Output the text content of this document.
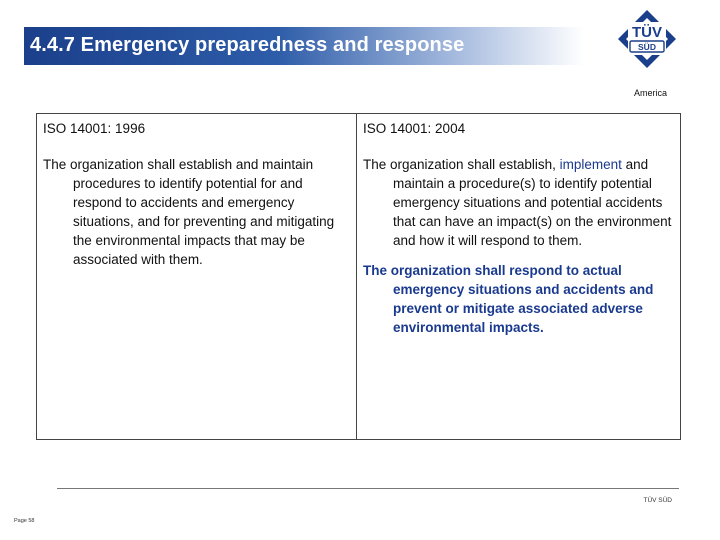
4.4.7 Emergency preparedness and response
TÜV
SÜD
America
ISO 14001: 1996

The organization shall establish and maintain procedures to identify potential for and respond to accidents and emergency situations, and for preventing and mitigating the environmental impacts that may be associated with them.

ISO 14001: 2004

The organization shall establish, implement and maintain a procedure(s) to identify potential emergency situations and potential accidents that can have an impact(s) on the environment and how it will respond to them.

The organization shall respond to actual emergency situations and accidents and prevent or mitigate associated adverse environmental impacts.

TÜV SÜD
Page 58
